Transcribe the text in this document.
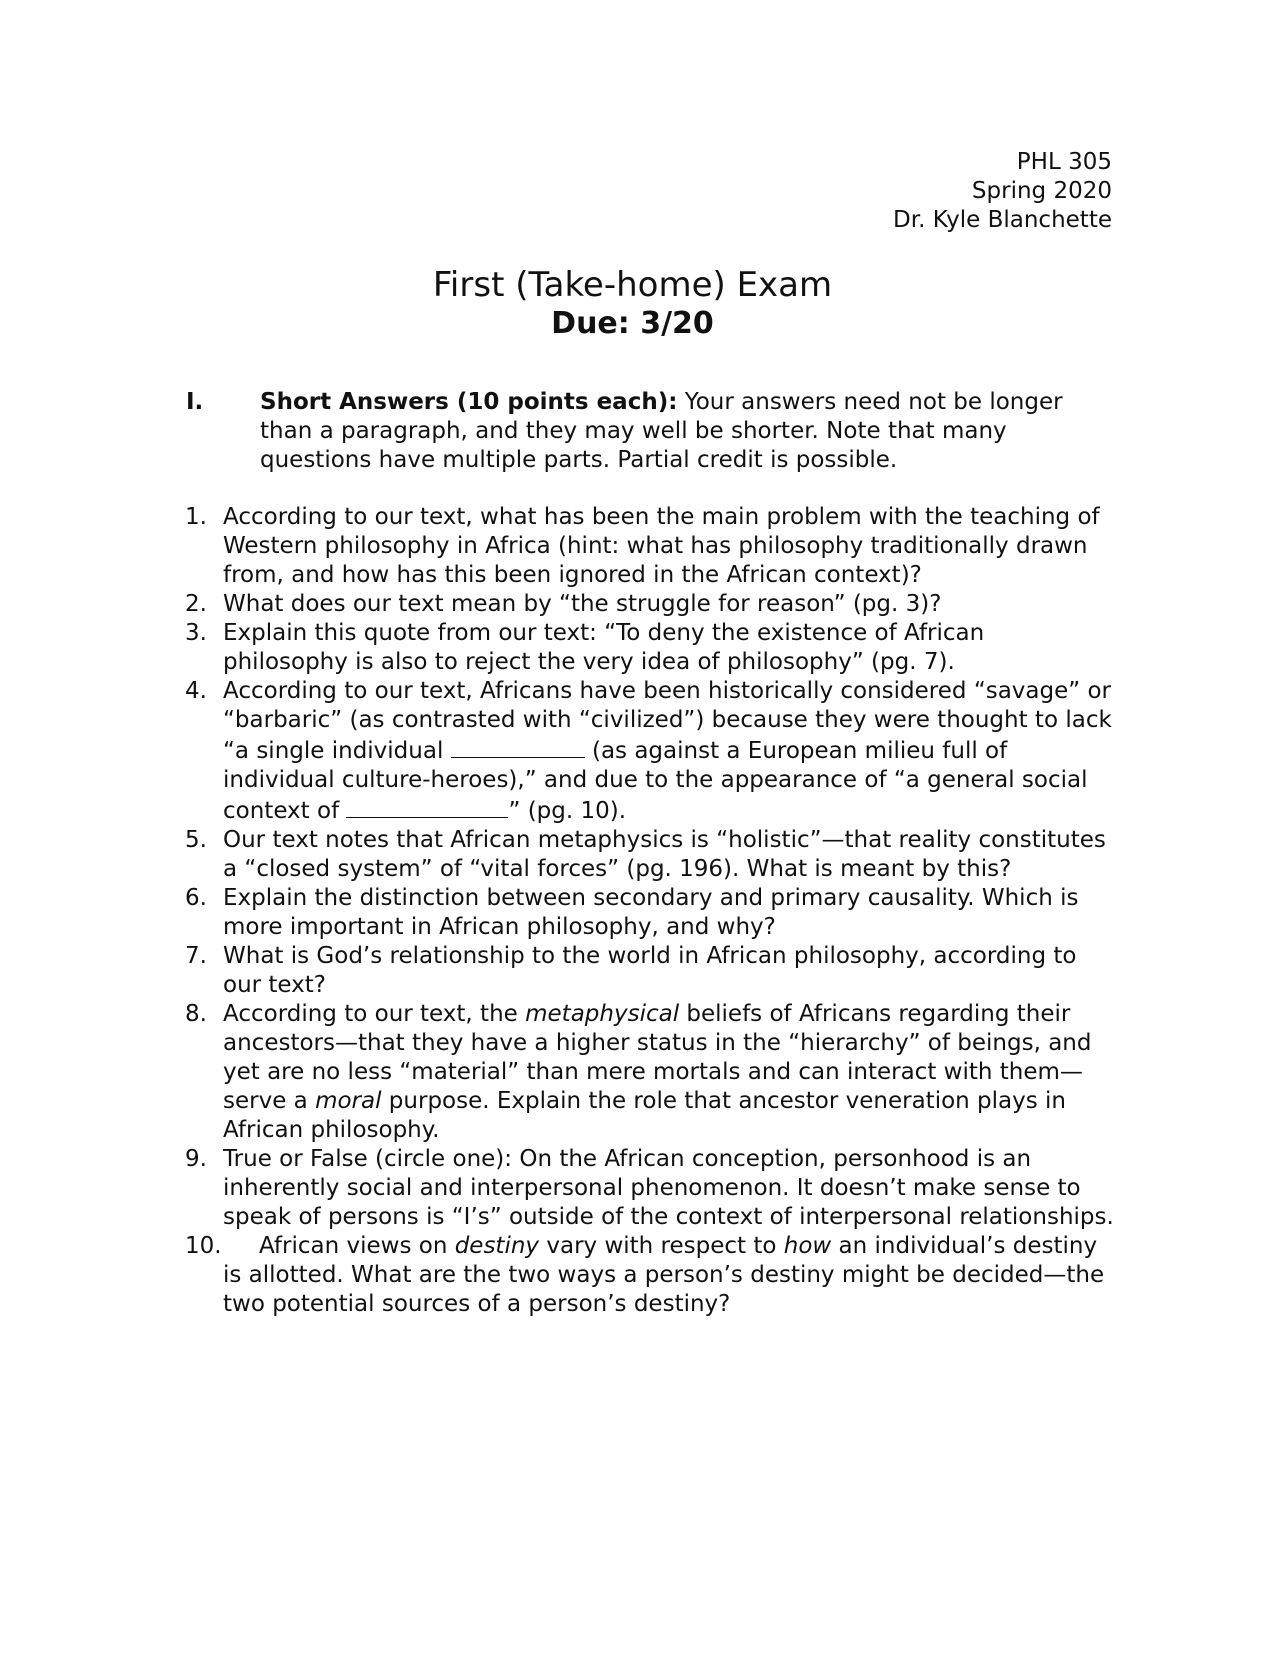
PHL 305
Spring 2020
Dr. Kyle Blanchette
First (Take-home) Exam
Due: 3/20
I. Short Answers (10 points each): Your answers need not be longer than a paragraph, and they may well be shorter. Note that many questions have multiple parts. Partial credit is possible.
1. According to our text, what has been the main problem with the teaching of Western philosophy in Africa (hint: what has philosophy traditionally drawn from, and how has this been ignored in the African context)?
2. What does our text mean by “the struggle for reason” (pg. 3)?
3. Explain this quote from our text: “To deny the existence of African philosophy is also to reject the very idea of philosophy” (pg. 7).
4. According to our text, Africans have been historically considered “savage” or “barbaric” (as contrasted with “civilized”) because they were thought to lack “a single individual	(as against a European milieu full of individual culture-heroes),” and due to the appearance of “a general social context of	” (pg. 10).
5. Our text notes that African metaphysics is “holistic”—that reality constitutes a “closed system” of “vital forces” (pg. 196). What is meant by this?
6. Explain the distinction between secondary and primary causality. Which is more important in African philosophy, and why?
7. What is God’s relationship to the world in African philosophy, according to our text?
8. According to our text, the metaphysical beliefs of Africans regarding their ancestors—that they have a higher status in the “hierarchy” of beings, and yet are no less “material” than mere mortals and can interact with them—serve a moral purpose. Explain the role that ancestor veneration plays in African philosophy.
9. True or False (circle one): On the African conception, personhood is an inherently social and interpersonal phenomenon. It doesn’t make sense to speak of persons is “I’s” outside of the context of interpersonal relationships.
10. African views on destiny vary with respect to how an individual’s destiny is allotted. What are the two ways a person’s destiny might be decided—the two potential sources of a person’s destiny?
